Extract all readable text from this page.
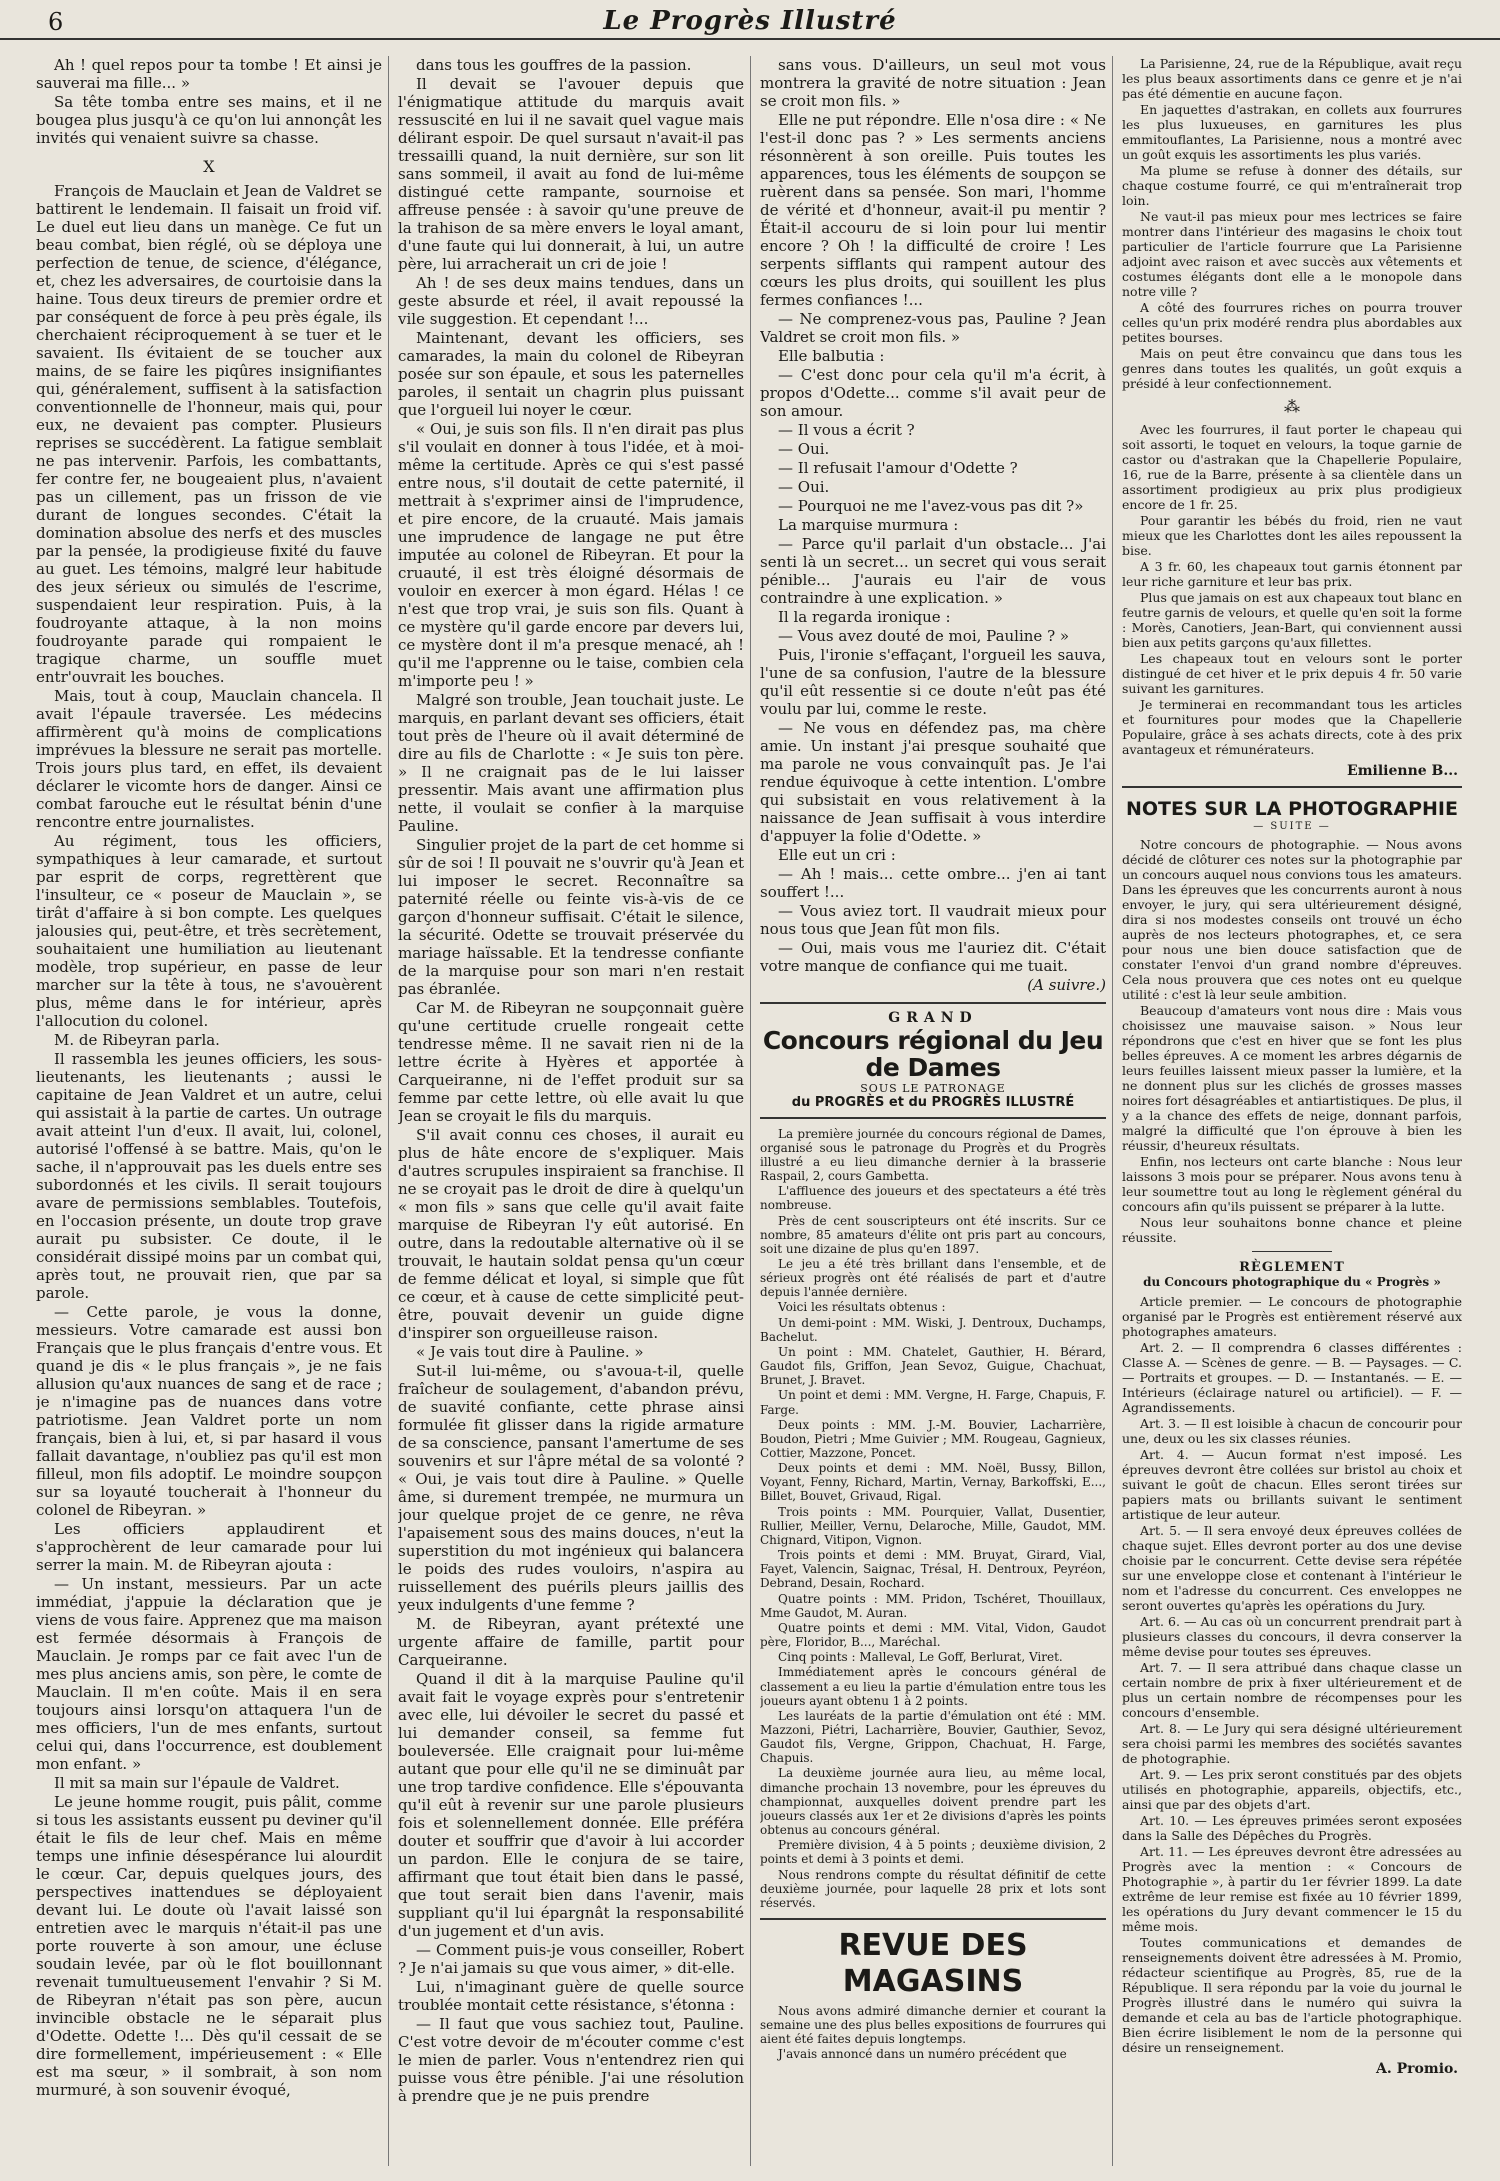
6	Le Progrès Illustré

Ah ! quel repos pour ta tombe ! Et ainsi je sauverai ma fille... »

Sa tête tomba entre ses mains, et il ne bougea plus jusqu'à ce qu'on lui annonçât les invités qui venaient suivre sa chasse.

X

François de Mauclain et Jean de Valdret se battirent le lendemain. Il faisait un froid vif. Le duel eut lieu dans un manège. Ce fut un beau combat, bien réglé, où se déploya une perfection de tenue, de science, d'élégance, et, chez les adversaires, de courtoisie dans la haine. Tous deux tireurs de premier ordre et par conséquent de force à peu près égale, ils cherchaient réciproquement à se tuer et le savaient. Ils évitaient de se toucher aux mains, de se faire les piqûres insignifiantes qui, généralement, suffisent à la satisfaction conventionnelle de l'honneur, mais qui, pour eux, ne devaient pas compter. Plusieurs reprises se succédèrent. La fatigue semblait ne pas intervenir. Parfois, les combattants, fer contre fer, ne bougeaient plus, n'avaient pas un cillement, pas un frisson de vie durant de longues secondes. C'était la domination absolue des nerfs et des muscles par la pensée, la prodigieuse fixité du fauve au guet. Les témoins, malgré leur habitude des jeux sérieux ou simulés de l'escrime, suspendaient leur respiration. Puis, à la foudroyante attaque, à la non moins foudroyante parade qui rompaient le tragique charme, un souffle muet entr'ouvrait les bouches.

Mais, tout à coup, Mauclain chancela. Il avait l'épaule traversée. Les médecins affirmèrent qu'à moins de complications imprévues la blessure ne serait pas mortelle. Trois jours plus tard, en effet, ils devaient déclarer le vicomte hors de danger. Ainsi ce combat farouche eut le résultat bénin d'une rencontre entre journalistes.

Au régiment, tous les officiers, sympathiques à leur camarade, et surtout par esprit de corps, regrettèrent que l'insulteur, ce « poseur de Mauclain », se tirât d'affaire à si bon compte. Les quelques jalousies qui, peut-être, et très secrètement, souhaitaient une humiliation au lieutenant modèle, trop supérieur, en passe de leur marcher sur la tête à tous, ne s'avouèrent plus, même dans le for intérieur, après l'allocution du colonel.

M. de Ribeyran parla.

Il rassembla les jeunes officiers, les sous-lieutenants, les lieutenants ; aussi le capitaine de Jean Valdret et un autre, celui qui assistait à la partie de cartes. Un outrage avait atteint l'un d'eux. Il avait, lui, colonel, autorisé l'offensé à se battre. Mais, qu'on le sache, il n'approuvait pas les duels entre ses subordonnés et les civils. Il serait toujours avare de permissions semblables. Toutefois, en l'occasion présente, un doute trop grave aurait pu subsister. Ce doute, il le considérait dissipé moins par un combat qui, après tout, ne prouvait rien, que par sa parole.

— Cette parole, je vous la donne, messieurs. Votre camarade est aussi bon Français que le plus français d'entre vous. Et quand je dis « le plus français », je ne fais allusion qu'aux nuances de sang et de race ; je n'imagine pas de nuances dans votre patriotisme. Jean Valdret porte un nom français, bien à lui, et, si par hasard il vous fallait davantage, n'oubliez pas qu'il est mon filleul, mon fils adoptif. Le moindre soupçon sur sa loyauté toucherait à l'honneur du colonel de Ribeyran. »

Les officiers applaudirent et s'approchèrent de leur camarade pour lui serrer la main. M. de Ribeyran ajouta :

— Un instant, messieurs. Par un acte immédiat, j'appuie la déclaration que je viens de vous faire. Apprenez que ma maison est fermée désormais à François de Mauclain. Je romps par ce fait avec l'un de mes plus anciens amis, son père, le comte de Mauclain. Il m'en coûte. Mais il en sera toujours ainsi lorsqu'on attaquera l'un de mes officiers, l'un de mes enfants, surtout celui qui, dans l'occurrence, est doublement mon enfant. »

Il mit sa main sur l'épaule de Valdret.

Le jeune homme rougit, puis pâlit, comme si tous les assistants eussent pu deviner qu'il était le fils de leur chef. Mais en même temps une infinie désespérance lui alourdit le cœur. Car, depuis quelques jours, des perspectives inattendues se déployaient devant lui. Le doute où l'avait laissé son entretien avec le marquis n'était-il pas une porte rouverte à son amour, une écluse soudain levée, par où le flot bouillonnant revenait tumultueusement l'envahir ? Si M. de Ribeyran n'était pas son père, aucun invincible obstacle ne le séparait plus d'Odette. Odette !... Dès qu'il cessait de se dire formellement, impérieusement : « Elle est ma sœur, » il sombrait, à son nom murmuré, à son souvenir évoqué,

dans tous les gouffres de la passion.

Il devait se l'avouer depuis que l'énigmatique attitude du marquis avait ressuscité en lui il ne savait quel vague mais délirant espoir. De quel sursaut n'avait-il pas tressailli quand, la nuit dernière, sur son lit sans sommeil, il avait au fond de lui-même distingué cette rampante, sournoise et affreuse pensée : à savoir qu'une preuve de la trahison de sa mère envers le loyal amant, d'une faute qui lui donnerait, à lui, un autre père, lui arracherait un cri de joie !

Ah ! de ses deux mains tendues, dans un geste absurde et réel, il avait repoussé la vile suggestion. Et cependant !...

Maintenant, devant les officiers, ses camarades, la main du colonel de Ribeyran posée sur son épaule, et sous les paternelles paroles, il sentait un chagrin plus puissant que l'orgueil lui noyer le cœur.

« Oui, je suis son fils. Il n'en dirait pas plus s'il voulait en donner à tous l'idée, et à moi-même la certitude. Après ce qui s'est passé entre nous, s'il doutait de cette paternité, il mettrait à s'exprimer ainsi de l'imprudence, et pire encore, de la cruauté. Mais jamais une imprudence de langage ne put être imputée au colonel de Ribeyran. Et pour la cruauté, il est très éloigné désormais de vouloir en exercer à mon égard. Hélas ! ce n'est que trop vrai, je suis son fils. Quant à ce mystère qu'il garde encore par devers lui, ce mystère dont il m'a presque menacé, ah ! qu'il me l'apprenne ou le taise, combien cela m'importe peu ! »

Malgré son trouble, Jean touchait juste. Le marquis, en parlant devant ses officiers, était tout près de l'heure où il avait déterminé de dire au fils de Charlotte : « Je suis ton père. » Il ne craignait pas de le lui laisser pressentir. Mais avant une affirmation plus nette, il voulait se confier à la marquise Pauline.

Singulier projet de la part de cet homme si sûr de soi ! Il pouvait ne s'ouvrir qu'à Jean et lui imposer le secret. Reconnaître sa paternité réelle ou feinte vis-à-vis de ce garçon d'honneur suffisait. C'était le silence, la sécurité. Odette se trouvait préservée du mariage haïssable. Et la tendresse confiante de la marquise pour son mari n'en restait pas ébranlée.

Car M. de Ribeyran ne soupçonnait guère qu'une certitude cruelle rongeait cette tendresse même. Il ne savait rien ni de la lettre écrite à Hyères et apportée à Carqueiranne, ni de l'effet produit sur sa femme par cette lettre, où elle avait lu que Jean se croyait le fils du marquis.

S'il avait connu ces choses, il aurait eu plus de hâte encore de s'expliquer. Mais d'autres scrupules inspiraient sa franchise. Il ne se croyait pas le droit de dire à quelqu'un « mon fils » sans que celle qu'il avait faite marquise de Ribeyran l'y eût autorisé. En outre, dans la redoutable alternative où il se trouvait, le hautain soldat pensa qu'un cœur de femme délicat et loyal, si simple que fût ce cœur, et à cause de cette simplicité peut-être, pouvait devenir un guide digne d'inspirer son orgueilleuse raison.

« Je vais tout dire à Pauline. »

Sut-il lui-même, ou s'avoua-t-il, quelle fraîcheur de soulagement, d'abandon prévu, de suavité confiante, cette phrase ainsi formulée fit glisser dans la rigide armature de sa conscience, pansant l'amertume de ses souvenirs et sur l'âpre métal de sa volonté ? « Oui, je vais tout dire à Pauline. » Quelle âme, si durement trempée, ne murmura un jour quelque projet de ce genre, ne rêva l'apaisement sous des mains douces, n'eut la superstition du mot ingénieux qui balancera le poids des rudes vouloirs, n'aspira au ruissellement des puérils pleurs jaillis des yeux indulgents d'une femme ?

M. de Ribeyran, ayant prétexté une urgente affaire de famille, partit pour Carqueiranne.

Quand il dit à la marquise Pauline qu'il avait fait le voyage exprès pour s'entretenir avec elle, lui dévoiler le secret du passé et lui demander conseil, sa femme fut bouleversée. Elle craignait pour lui-même autant que pour elle qu'il ne se diminuât par une trop tardive confidence. Elle s'épouvanta qu'il eût à revenir sur une parole plusieurs fois et solennellement donnée. Elle préféra douter et souffrir que d'avoir à lui accorder un pardon. Elle le conjura de se taire, affirmant que tout était bien dans le passé, que tout serait bien dans l'avenir, mais suppliant qu'il lui épargnât la responsabilité d'un jugement et d'un avis.

— Comment puis-je vous conseiller, Robert ? Je n'ai jamais su que vous aimer, » dit-elle.

Lui, n'imaginant guère de quelle source troublée montait cette résistance, s'étonna :

— Il faut que vous sachiez tout, Pauline. C'est votre devoir de m'écouter comme c'est le mien de parler. Vous n'entendrez rien qui puisse vous être pénible. J'ai une résolution à prendre que je ne puis prendre

sans vous. D'ailleurs, un seul mot vous montrera la gravité de notre situation : Jean se croit mon fils. »

Elle ne put répondre. Elle n'osa dire : « Ne l'est-il donc pas ? » Les serments anciens résonnèrent à son oreille. Puis toutes les apparences, tous les éléments de soupçon se ruèrent dans sa pensée. Son mari, l'homme de vérité et d'honneur, avait-il pu mentir ? Était-il accouru de si loin pour lui mentir encore ? Oh ! la difficulté de croire ! Les serpents sifflants qui rampent autour des cœurs les plus droits, qui souillent les plus fermes confiances !...

— Ne comprenez-vous pas, Pauline ? Jean Valdret se croit mon fils. »

Elle balbutia :

— C'est donc pour cela qu'il m'a écrit, à propos d'Odette... comme s'il avait peur de son amour.

— Il vous a écrit ?

— Oui.

— Il refusait l'amour d'Odette ?

— Oui.

— Pourquoi ne me l'avez-vous pas dit ?»

La marquise murmura :

— Parce qu'il parlait d'un obstacle... J'ai senti là un secret... un secret qui vous serait pénible... J'aurais eu l'air de vous contraindre à une explication. »

Il la regarda ironique :

— Vous avez douté de moi, Pauline ? »

Puis, l'ironie s'effaçant, l'orgueil les sauva, l'une de sa confusion, l'autre de la blessure qu'il eût ressentie si ce doute n'eût pas été voulu par lui, comme le reste.

— Ne vous en défendez pas, ma chère amie. Un instant j'ai presque souhaité que ma parole ne vous convainquît pas. Je l'ai rendue équivoque à cette intention. L'ombre qui subsistait en vous relativement à la naissance de Jean suffisait à vous interdire d'appuyer la folie d'Odette. »

Elle eut un cri :

— Ah ! mais... cette ombre... j'en ai tant souffert !...

— Vous aviez tort. Il vaudrait mieux pour nous tous que Jean fût mon fils.

— Oui, mais vous me l'auriez dit. C'était votre manque de confiance qui me tuait.

(A suivre.)
GRAND
Concours régional du Jeu de Dames
SOUS LE PATRONAGE
du PROGRÈS et du PROGRÈS ILLUSTRÉ

La première journée du concours régional de Dames, organisé sous le patronage du Progrès et du Progrès illustré a eu lieu dimanche dernier à la brasserie Raspail, 2, cours Gambetta.

L'affluence des joueurs et des spectateurs a été très nombreuse.

Près de cent souscripteurs ont été inscrits. Sur ce nombre, 85 amateurs d'élite ont pris part au concours, soit une dizaine de plus qu'en 1897.

Le jeu a été très brillant dans l'ensemble, et de sérieux progrès ont été réalisés de part et d'autre depuis l'année dernière.

Voici les résultats obtenus :

Un demi-point : MM. Wiski, J. Dentroux, Duchamps, Bachelut.

Un point : MM. Chatelet, Gauthier, H. Bérard, Gaudot fils, Griffon, Jean Sevoz, Guigue, Chachuat, Brunet, J. Bravet.

Un point et demi : MM. Vergne, H. Farge, Chapuis, F. Farge.

Deux points : MM. J.-M. Bouvier, Lacharrière, Boudon, Pietri ; Mme Guivier ; MM. Rougeau, Gagnieux, Cottier, Mazzone, Poncet.

Deux points et demi : MM. Noël, Bussy, Billon, Voyant, Fenny, Richard, Martin, Vernay, Barkoffski, E..., Billet, Bouvet, Grivaud, Rigal.

Trois points : MM. Pourquier, Vallat, Dusentier, Rullier, Meiller, Vernu, Delaroche, Mille, Gaudot, MM. Chignard, Vitipon, Vignon.

Trois points et demi : MM. Bruyat, Girard, Vial, Fayet, Valencin, Saignac, Trésal, H. Dentroux, Peyréon, Debrand, Desain, Rochard.

Quatre points : MM. Pridon, Tschéret, Thouillaux, Mme Gaudot, M. Auran.

Quatre points et demi : MM. Vital, Vidon, Gaudot père, Floridor, B..., Maréchal.

Cinq points : Malleval, Le Goff, Berlurat, Viret.

Immédiatement après le concours général de classement a eu lieu la partie d'émulation entre tous les joueurs ayant obtenu 1 à 2 points.

Les lauréats de la partie d'émulation ont été : MM. Mazzoni, Piétri, Lacharrière, Bouvier, Gauthier, Sevoz, Gaudot fils, Vergne, Grippon, Chachuat, H. Farge, Chapuis.

La deuxième journée aura lieu, au même local, dimanche prochain 13 novembre, pour les épreuves du championnat, auxquelles doivent prendre part les joueurs classés aux 1er et 2e divisions d'après les points obtenus au concours général.

Première division, 4 à 5 points ; deuxième division, 2 points et demi à 3 points et demi.

Nous rendrons compte du résultat définitif de cette deuxième journée, pour laquelle 28 prix et lots sont réservés.

REVUE DES MAGASINS

Nous avons admiré dimanche dernier et courant la semaine une des plus belles expositions de fourrures qui aient été faites depuis longtemps.

J'avais annoncé dans un numéro précédent que

La Parisienne, 24, rue de la République, avait reçu les plus beaux assortiments dans ce genre et je n'ai pas été démentie en aucune façon.

En jaquettes d'astrakan, en collets aux fourrures les plus luxueuses, en garnitures les plus emmitouflantes, La Parisienne, nous a montré avec un goût exquis les assortiments les plus variés.

Ma plume se refuse à donner des détails, sur chaque costume fourré, ce qui m'entraînerait trop loin.

Ne vaut-il pas mieux pour mes lectrices se faire montrer dans l'intérieur des magasins le choix tout particulier de l'article fourrure que La Parisienne adjoint avec raison et avec succès aux vêtements et costumes élégants dont elle a le monopole dans notre ville ?

A côté des fourrures riches on pourra trouver celles qu'un prix modéré rendra plus abordables aux petites bourses.

Mais on peut être convaincu que dans tous les genres dans toutes les qualités, un goût exquis a présidé à leur confectionnement.

⁂

Avec les fourrures, il faut porter le chapeau qui soit assorti, le toquet en velours, la toque garnie de castor ou d'astrakan que la Chapellerie Populaire, 16, rue de la Barre, présente à sa clientèle dans un assortiment prodigieux au prix plus prodigieux encore de 1 fr. 25.

Pour garantir les bébés du froid, rien ne vaut mieux que les Charlottes dont les ailes repoussent la bise.

A 3 fr. 60, les chapeaux tout garnis étonnent par leur riche garniture et leur bas prix.

Plus que jamais on est aux chapeaux tout blanc en feutre garnis de velours, et quelle qu'en soit la forme : Morès, Canotiers, Jean-Bart, qui conviennent aussi bien aux petits garçons qu'aux fillettes.

Les chapeaux tout en velours sont le porter distingué de cet hiver et le prix depuis 4 fr. 50 varie suivant les garnitures.

Je terminerai en recommandant tous les articles et fournitures pour modes que la Chapellerie Populaire, grâce à ses achats directs, cote à des prix avantageux et rémunérateurs.

Emilienne B...
NOTES SUR LA PHOTOGRAPHIE
— SUITE —

Notre concours de photographie. — Nous avons décidé de clôturer ces notes sur la photographie par un concours auquel nous convions tous les amateurs. Dans les épreuves que les concurrents auront à nous envoyer, le jury, qui sera ultérieurement désigné, dira si nos modestes conseils ont trouvé un écho auprès de nos lecteurs photographes, et, ce sera pour nous une bien douce satisfaction que de constater l'envoi d'un grand nombre d'épreuves. Cela nous prouvera que ces notes ont eu quelque utilité : c'est là leur seule ambition.

Beaucoup d'amateurs vont nous dire : Mais vous choisissez une mauvaise saison. » Nous leur répondrons que c'est en hiver que se font les plus belles épreuves. A ce moment les arbres dégarnis de leurs feuilles laissent mieux passer la lumière, et la ne donnent plus sur les clichés de grosses masses noires fort désagréables et antiartistiques. De plus, il y a la chance des effets de neige, donnant parfois, malgré la difficulté que l'on éprouve à bien les réussir, d'heureux résultats.

Enfin, nos lecteurs ont carte blanche : Nous leur laissons 3 mois pour se préparer. Nous avons tenu à leur soumettre tout au long le règlement général du concours afin qu'ils puissent se préparer à la lutte.

Nous leur souhaitons bonne chance et pleine réussite.

RÈGLEMENT
du Concours photographique du « Progrès »

Article premier. — Le concours de photographie organisé par le Progrès est entièrement réservé aux photographes amateurs.

Art. 2. — Il comprendra 6 classes différentes : Classe A. — Scènes de genre. — B. — Paysages. — C. — Portraits et groupes. — D. — Instantanés. — E. — Intérieurs (éclairage naturel ou artificiel). — F. — Agrandissements.

Art. 3. — Il est loisible à chacun de concourir pour une, deux ou les six classes réunies.

Art. 4. — Aucun format n'est imposé. Les épreuves devront être collées sur bristol au choix et suivant le goût de chacun. Elles seront tirées sur papiers mats ou brillants suivant le sentiment artistique de leur auteur.

Art. 5. — Il sera envoyé deux épreuves collées de chaque sujet. Elles devront porter au dos une devise choisie par le concurrent. Cette devise sera répétée sur une enveloppe close et contenant à l'intérieur le nom et l'adresse du concurrent. Ces enveloppes ne seront ouvertes qu'après les opérations du Jury.

Art. 6. — Au cas où un concurrent prendrait part à plusieurs classes du concours, il devra conserver la même devise pour toutes ses épreuves.

Art. 7. — Il sera attribué dans chaque classe un certain nombre de prix à fixer ultérieurement et de plus un certain nombre de récompenses pour les concours d'ensemble.

Art. 8. — Le Jury qui sera désigné ultérieurement sera choisi parmi les membres des sociétés savantes de photographie.

Art. 9. — Les prix seront constitués par des objets utilisés en photographie, appareils, objectifs, etc., ainsi que par des objets d'art.

Art. 10. — Les épreuves primées seront exposées dans la Salle des Dépêches du Progrès.

Art. 11. — Les épreuves devront être adressées au Progrès avec la mention : « Concours de Photographie », à partir du 1er février 1899. La date extrême de leur remise est fixée au 10 février 1899, les opérations du Jury devant commencer le 15 du même mois.

Toutes communications et demandes de renseignements doivent être adressées à M. Promio, rédacteur scientifique au Progrès, 85, rue de la République. Il sera répondu par la voie du journal le Progrès illustré dans le numéro qui suivra la demande et cela au bas de l'article photographique. Bien écrire lisiblement le nom de la personne qui désire un renseignement.

A. Promio.
